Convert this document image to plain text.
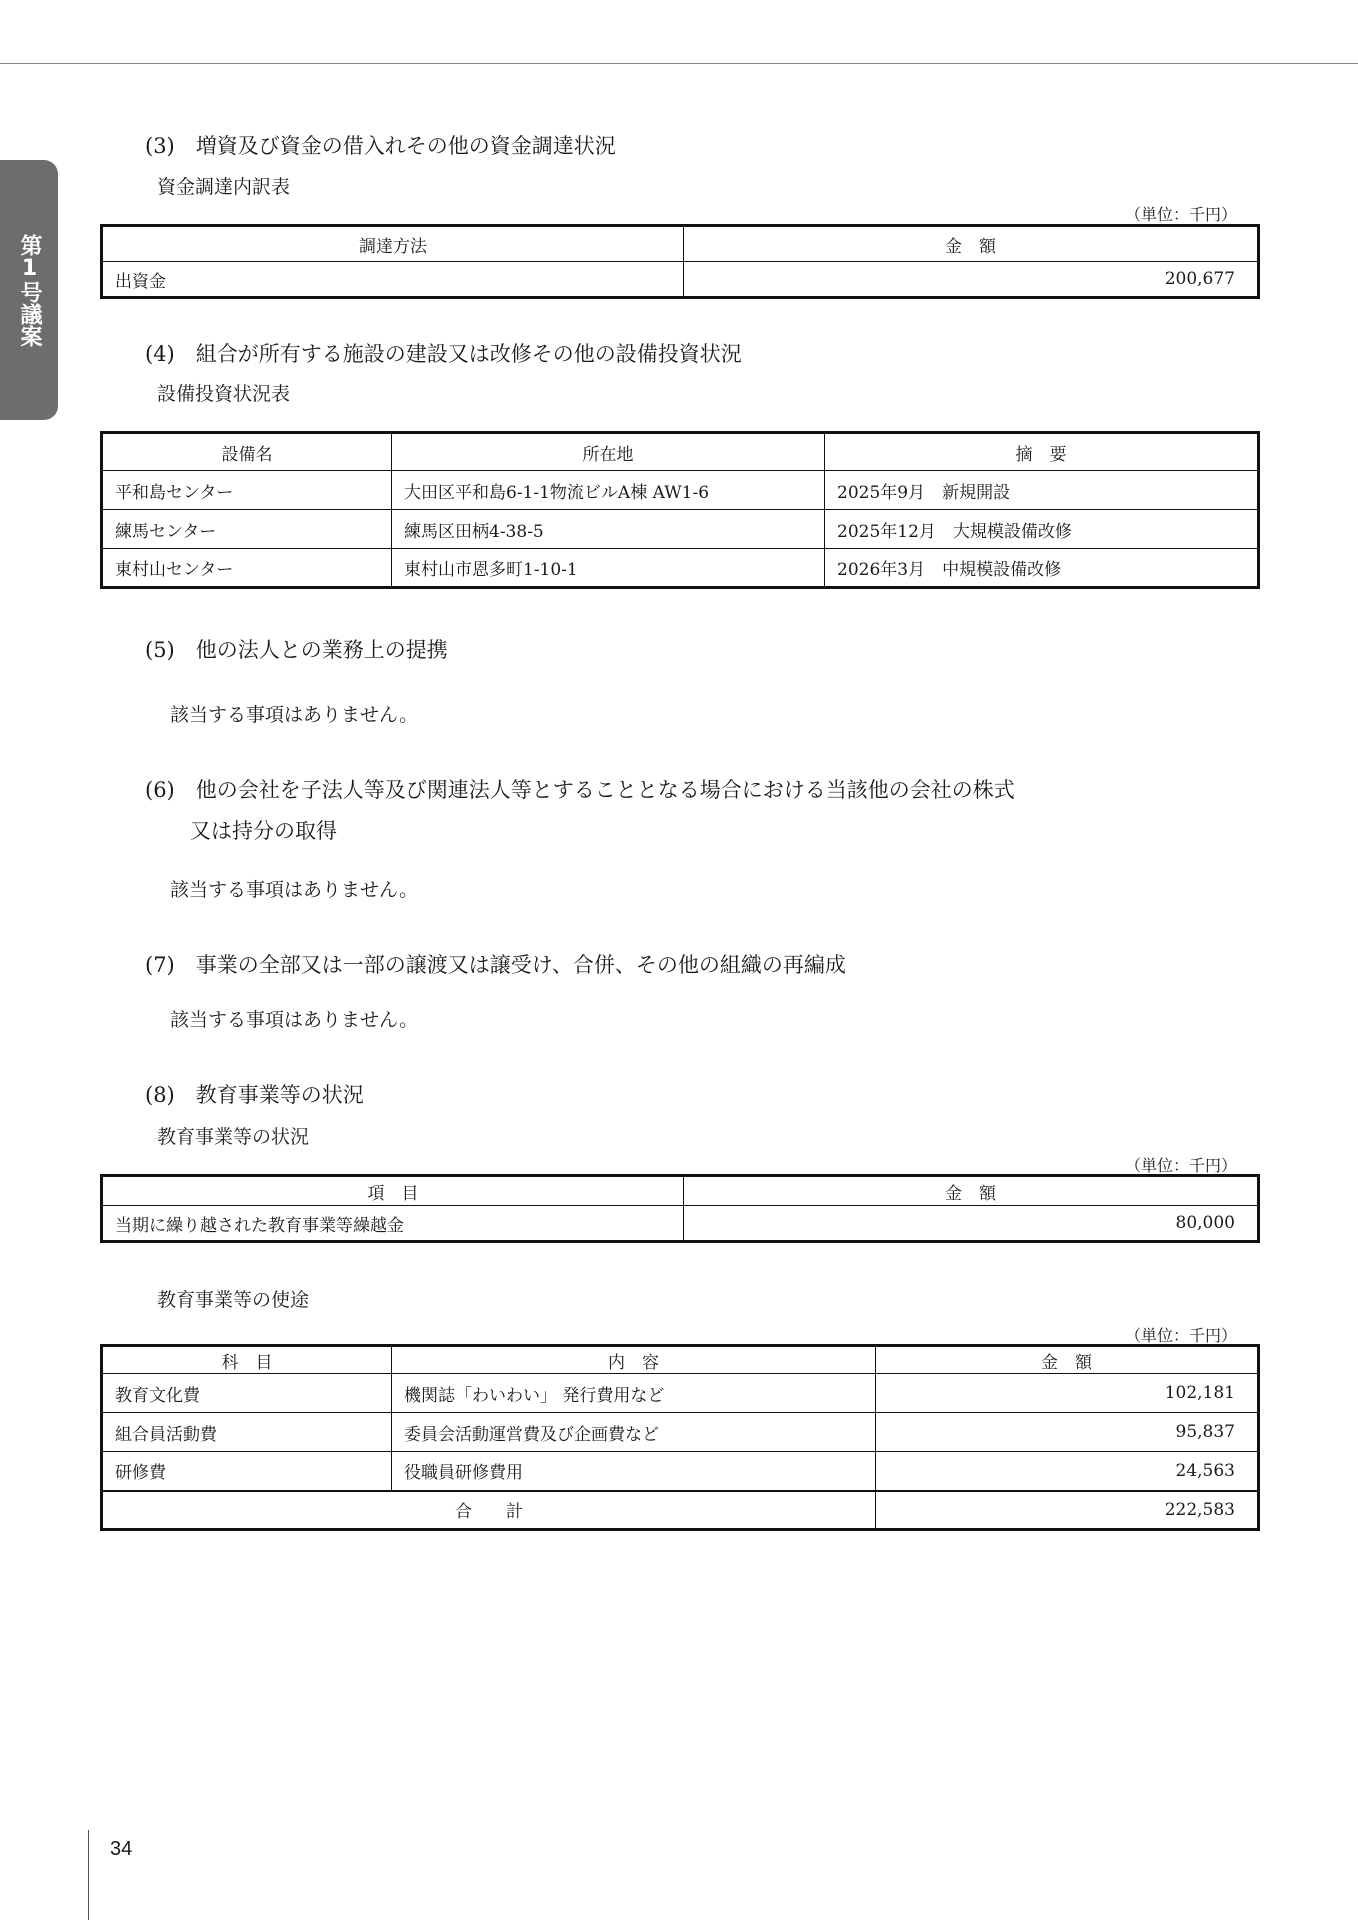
第1号議案
(3)　増資及び資金の借入れその他の資金調達状況
資金調達内訳表
（単位：千円）
調達方法	金　額
出資金	200,677
(4)　組合が所有する施設の建設又は改修その他の設備投資状況
設備投資状況表
設備名	所在地	摘　要
平和島センター	大田区平和島6-1-1物流ビルA棟 AW1-6	2025年9月　新規開設
練馬センター	練馬区田柄4-38-5	2025年12月　大規模設備改修
東村山センター	東村山市恩多町1-10-1	2026年3月　中規模設備改修
(5)　他の法人との業務上の提携
該当する事項はありません。
(6)　他の会社を子法人等及び関連法人等とすることとなる場合における当該他の会社の株式
又は持分の取得
該当する事項はありません。
(7)　事業の全部又は一部の譲渡又は譲受け、合併、その他の組織の再編成
該当する事項はありません。
(8)　教育事業等の状況
教育事業等の状況
（単位：千円）
項　目	金　額
当期に繰り越された教育事業等繰越金	80,000
教育事業等の使途
（単位：千円）
科　目	内　容	金　額
教育文化費	機関誌「わいわい」 発行費用など	102,181
組合員活動費	委員会活動運営費及び企画費など	95,837
研修費	役職員研修費用	24,563
合　　計		222,583
34
